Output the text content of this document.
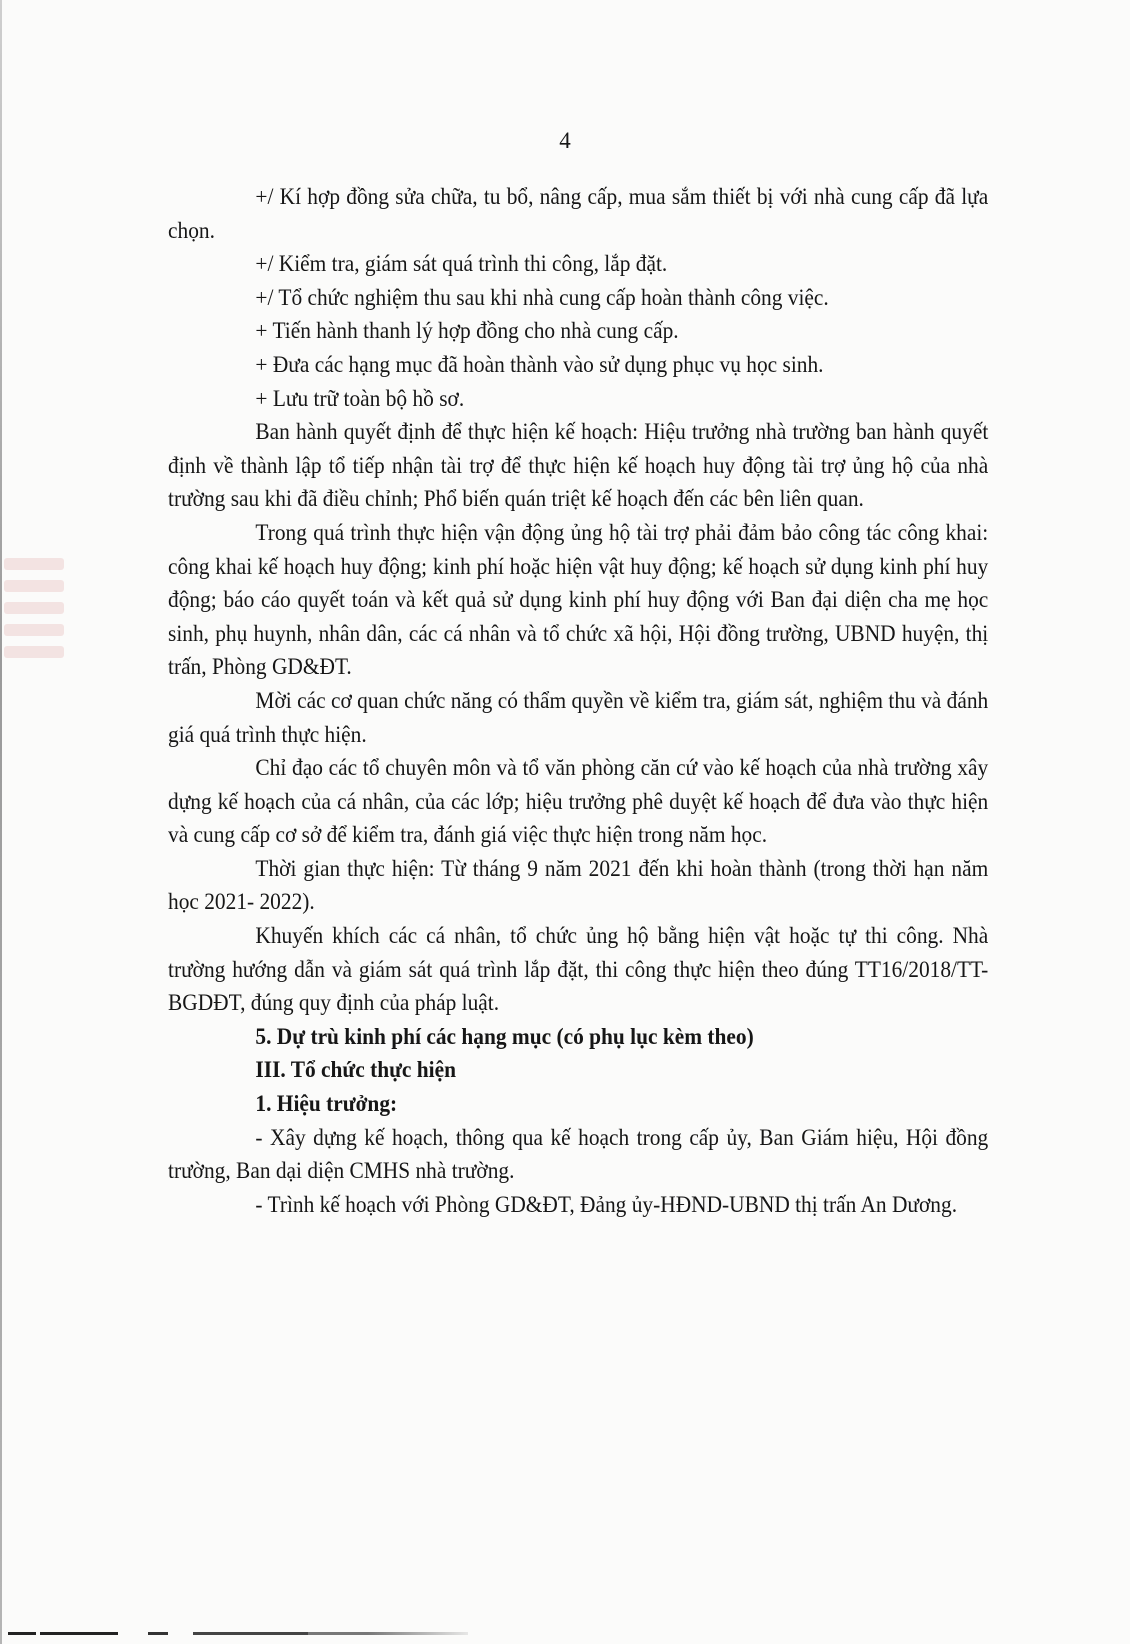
4

+/ Kí hợp đồng sửa chữa, tu bổ, nâng cấp, mua sắm thiết bị với nhà cung cấp đã lựa chọn.

+/ Kiểm tra, giám sát quá trình thi công, lắp đặt.

+/ Tổ chức nghiệm thu sau khi nhà cung cấp hoàn thành công việc.

+ Tiến hành thanh lý hợp đồng cho nhà cung cấp.

+ Đưa các hạng mục đã hoàn thành vào sử dụng phục vụ học sinh.

+ Lưu trữ toàn bộ hồ sơ.

Ban hành quyết định để thực hiện kế hoạch: Hiệu trưởng nhà trường ban hành quyết định về thành lập tổ tiếp nhận tài trợ để thực hiện kế hoạch huy động tài trợ ủng hộ của nhà trường sau khi đã điều chỉnh; Phổ biến quán triệt kế hoạch đến các bên liên quan.

Trong quá trình thực hiện vận động ủng hộ tài trợ phải đảm bảo công tác công khai: công khai kế hoạch huy động; kinh phí hoặc hiện vật huy động; kế hoạch sử dụng kinh phí huy động; báo cáo quyết toán và kết quả sử dụng kinh phí huy động với Ban đại diện cha mẹ học sinh, phụ huynh, nhân dân, các cá nhân và tổ chức xã hội, Hội đồng trường, UBND huyện, thị trấn, Phòng GD&ĐT.

Mời các cơ quan chức năng có thẩm quyền về kiểm tra, giám sát, nghiệm thu và đánh giá quá trình thực hiện.

Chỉ đạo các tổ chuyên môn và tổ văn phòng căn cứ vào kế hoạch của nhà trường xây dựng kế hoạch của cá nhân, của các lớp; hiệu trưởng phê duyệt kế hoạch để đưa vào thực hiện và cung cấp cơ sở để kiểm tra, đánh giá việc thực hiện trong năm học.

Thời gian thực hiện: Từ tháng 9 năm 2021 đến khi hoàn thành (trong thời hạn năm học 2021- 2022).

Khuyến khích các cá nhân, tổ chức ủng hộ bằng hiện vật hoặc tự thi công. Nhà trường hướng dẫn và giám sát quá trình lắp đặt, thi công thực hiện theo đúng TT16/2018/TT-BGDĐT, đúng quy định của pháp luật.

5. Dự trù kinh phí các hạng mục (có phụ lục kèm theo)

III. Tổ chức thực hiện

1. Hiệu trưởng:

- Xây dựng kế hoạch, thông qua kế hoạch trong cấp ủy, Ban Giám hiệu, Hội đồng trường, Ban dại diện CMHS nhà trường.

- Trình kế hoạch với Phòng GD&ĐT, Đảng ủy-HĐND-UBND thị trấn An Dương.
